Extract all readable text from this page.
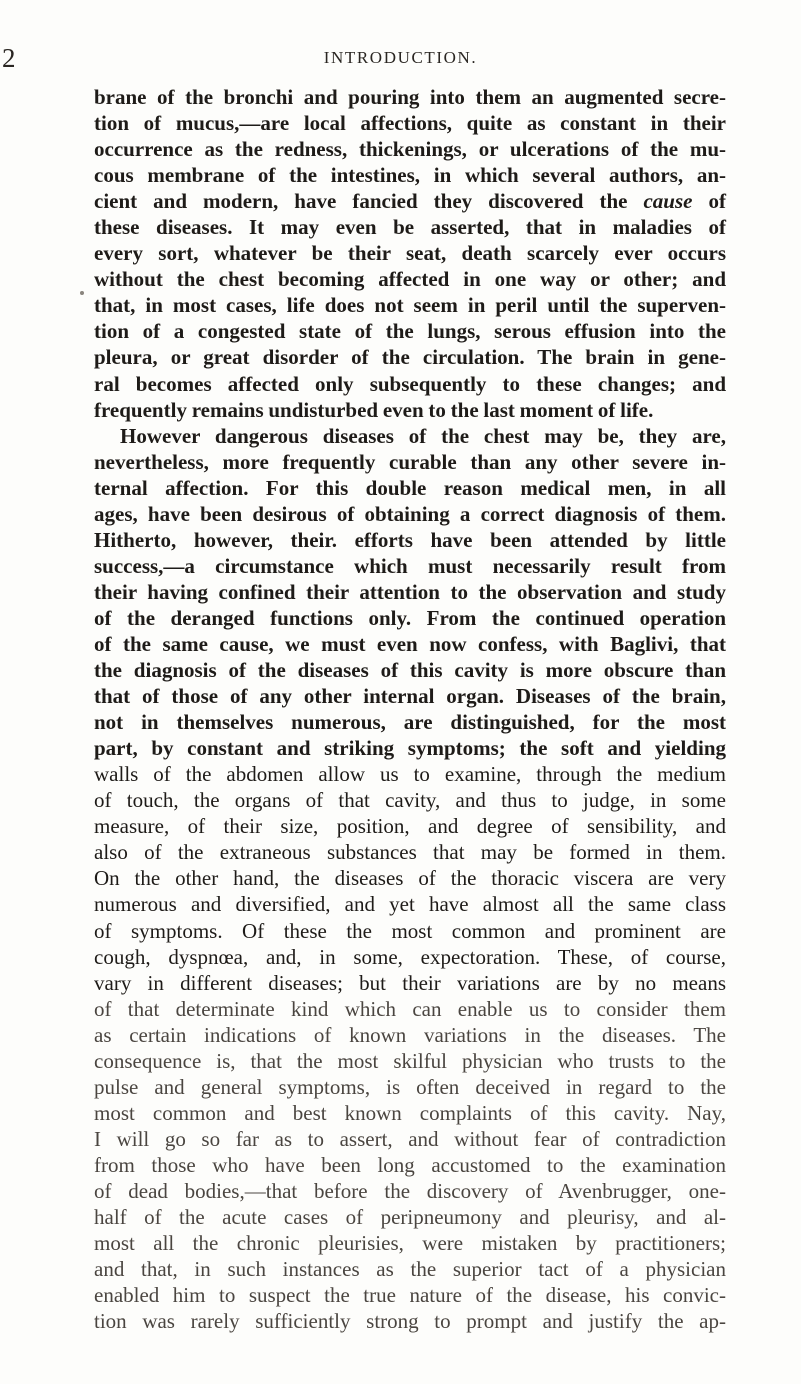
2	INTRODUCTION.
brane of the bronchi and pouring into them an augmented secre-
tion of mucus,—are local affections, quite as constant in their
occurrence as the redness, thickenings, or ulcerations of the mu-
cous membrane of the intestines, in which several authors, an-
cient and modern, have fancied they discovered the cause of
these diseases. It may even be asserted, that in maladies of
every sort, whatever be their seat, death scarcely ever occurs
without the chest becoming affected in one way or other; and
that, in most cases, life does not seem in peril until the superven-
tion of a congested state of the lungs, serous effusion into the
pleura, or great disorder of the circulation. The brain in gene-
ral becomes affected only subsequently to these changes; and
frequently remains undisturbed even to the last moment of life.
However dangerous diseases of the chest may be, they are,
nevertheless, more frequently curable than any other severe in-
ternal affection. For this double reason medical men, in all
ages, have been desirous of obtaining a correct diagnosis of them.
Hitherto, however, their. efforts have been attended by little
success,—a circumstance which must necessarily result from
their having confined their attention to the observation and study
of the deranged functions only. From the continued operation
of the same cause, we must even now confess, with Baglivi, that
the diagnosis of the diseases of this cavity is more obscure than
that of those of any other internal organ. Diseases of the brain,
not in themselves numerous, are distinguished, for the most
part, by constant and striking symptoms; the soft and yielding
walls of the abdomen allow us to examine, through the medium
of touch, the organs of that cavity, and thus to judge, in some
measure, of their size, position, and degree of sensibility, and
also of the extraneous substances that may be formed in them.
On the other hand, the diseases of the thoracic viscera are very
numerous and diversified, and yet have almost all the same class
of symptoms. Of these the most common and prominent are
cough, dyspnœa, and, in some, expectoration. These, of course,
vary in different diseases; but their variations are by no means
of that determinate kind which can enable us to consider them
as certain indications of known variations in the diseases. The
consequence is, that the most skilful physician who trusts to the
pulse and general symptoms, is often deceived in regard to the
most common and best known complaints of this cavity. Nay,
I will go so far as to assert, and without fear of contradiction
from those who have been long accustomed to the examination
of dead bodies,—that before the discovery of Avenbrugger, one-
half of the acute cases of peripneumony and pleurisy, and al-
most all the chronic pleurisies, were mistaken by practitioners;
and that, in such instances as the superior tact of a physician
enabled him to suspect the true nature of the disease, his convic-
tion was rarely sufficiently strong to prompt and justify the ap-
